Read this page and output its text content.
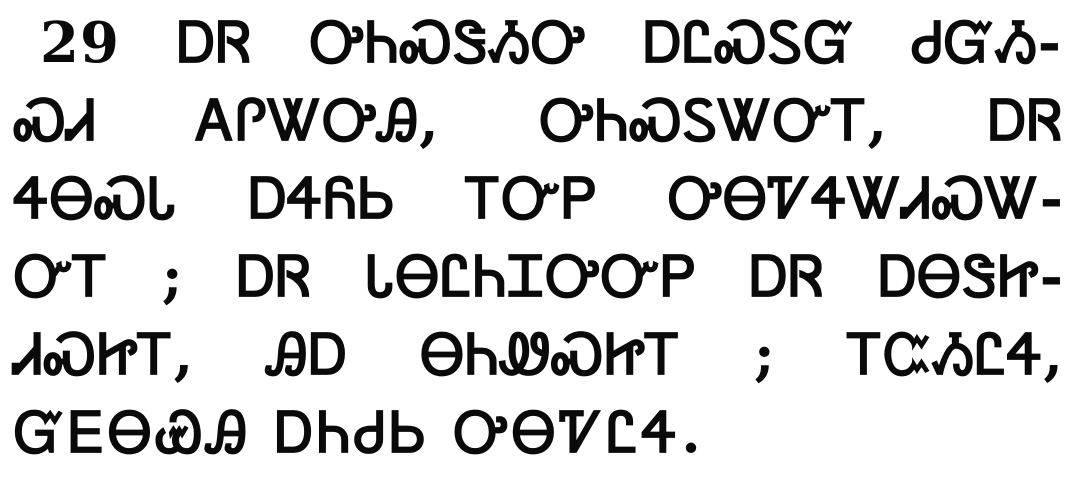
29 ᎠᏒ ᎤᏂᏍᏕᏱᎤ ᎠᏝᏍᏚᏳ ᏧᏳᏱ-
ᏍᏗ ᎪᎵᏔᎤᎯ, ᎤᏂᏍᏚᏔᏅᎢ, ᎠᏒ
ᏎᎾᏍᏓ ᎠᏎᏲᏏ ᎢᏅᏢ ᎤᎾᏤᏎᏔᏗᏍᏔ-
ᏅᎢ ; ᎠᏒ ᏓᎾᏝᏂᏆᎤᏅᏢ ᎠᏒ ᎠᎾᏕᏥ-
ᏗᏍᏥᎢ, ᎯᎠ ᎾᏂᏪᏍᏥᎢ ; ᎢᏨᏱᏝᏎ,
ᏳᎬᎾᏯᎯ ᎠᏂᏧᏏ ᎤᎾᏤᏝᏎ.
